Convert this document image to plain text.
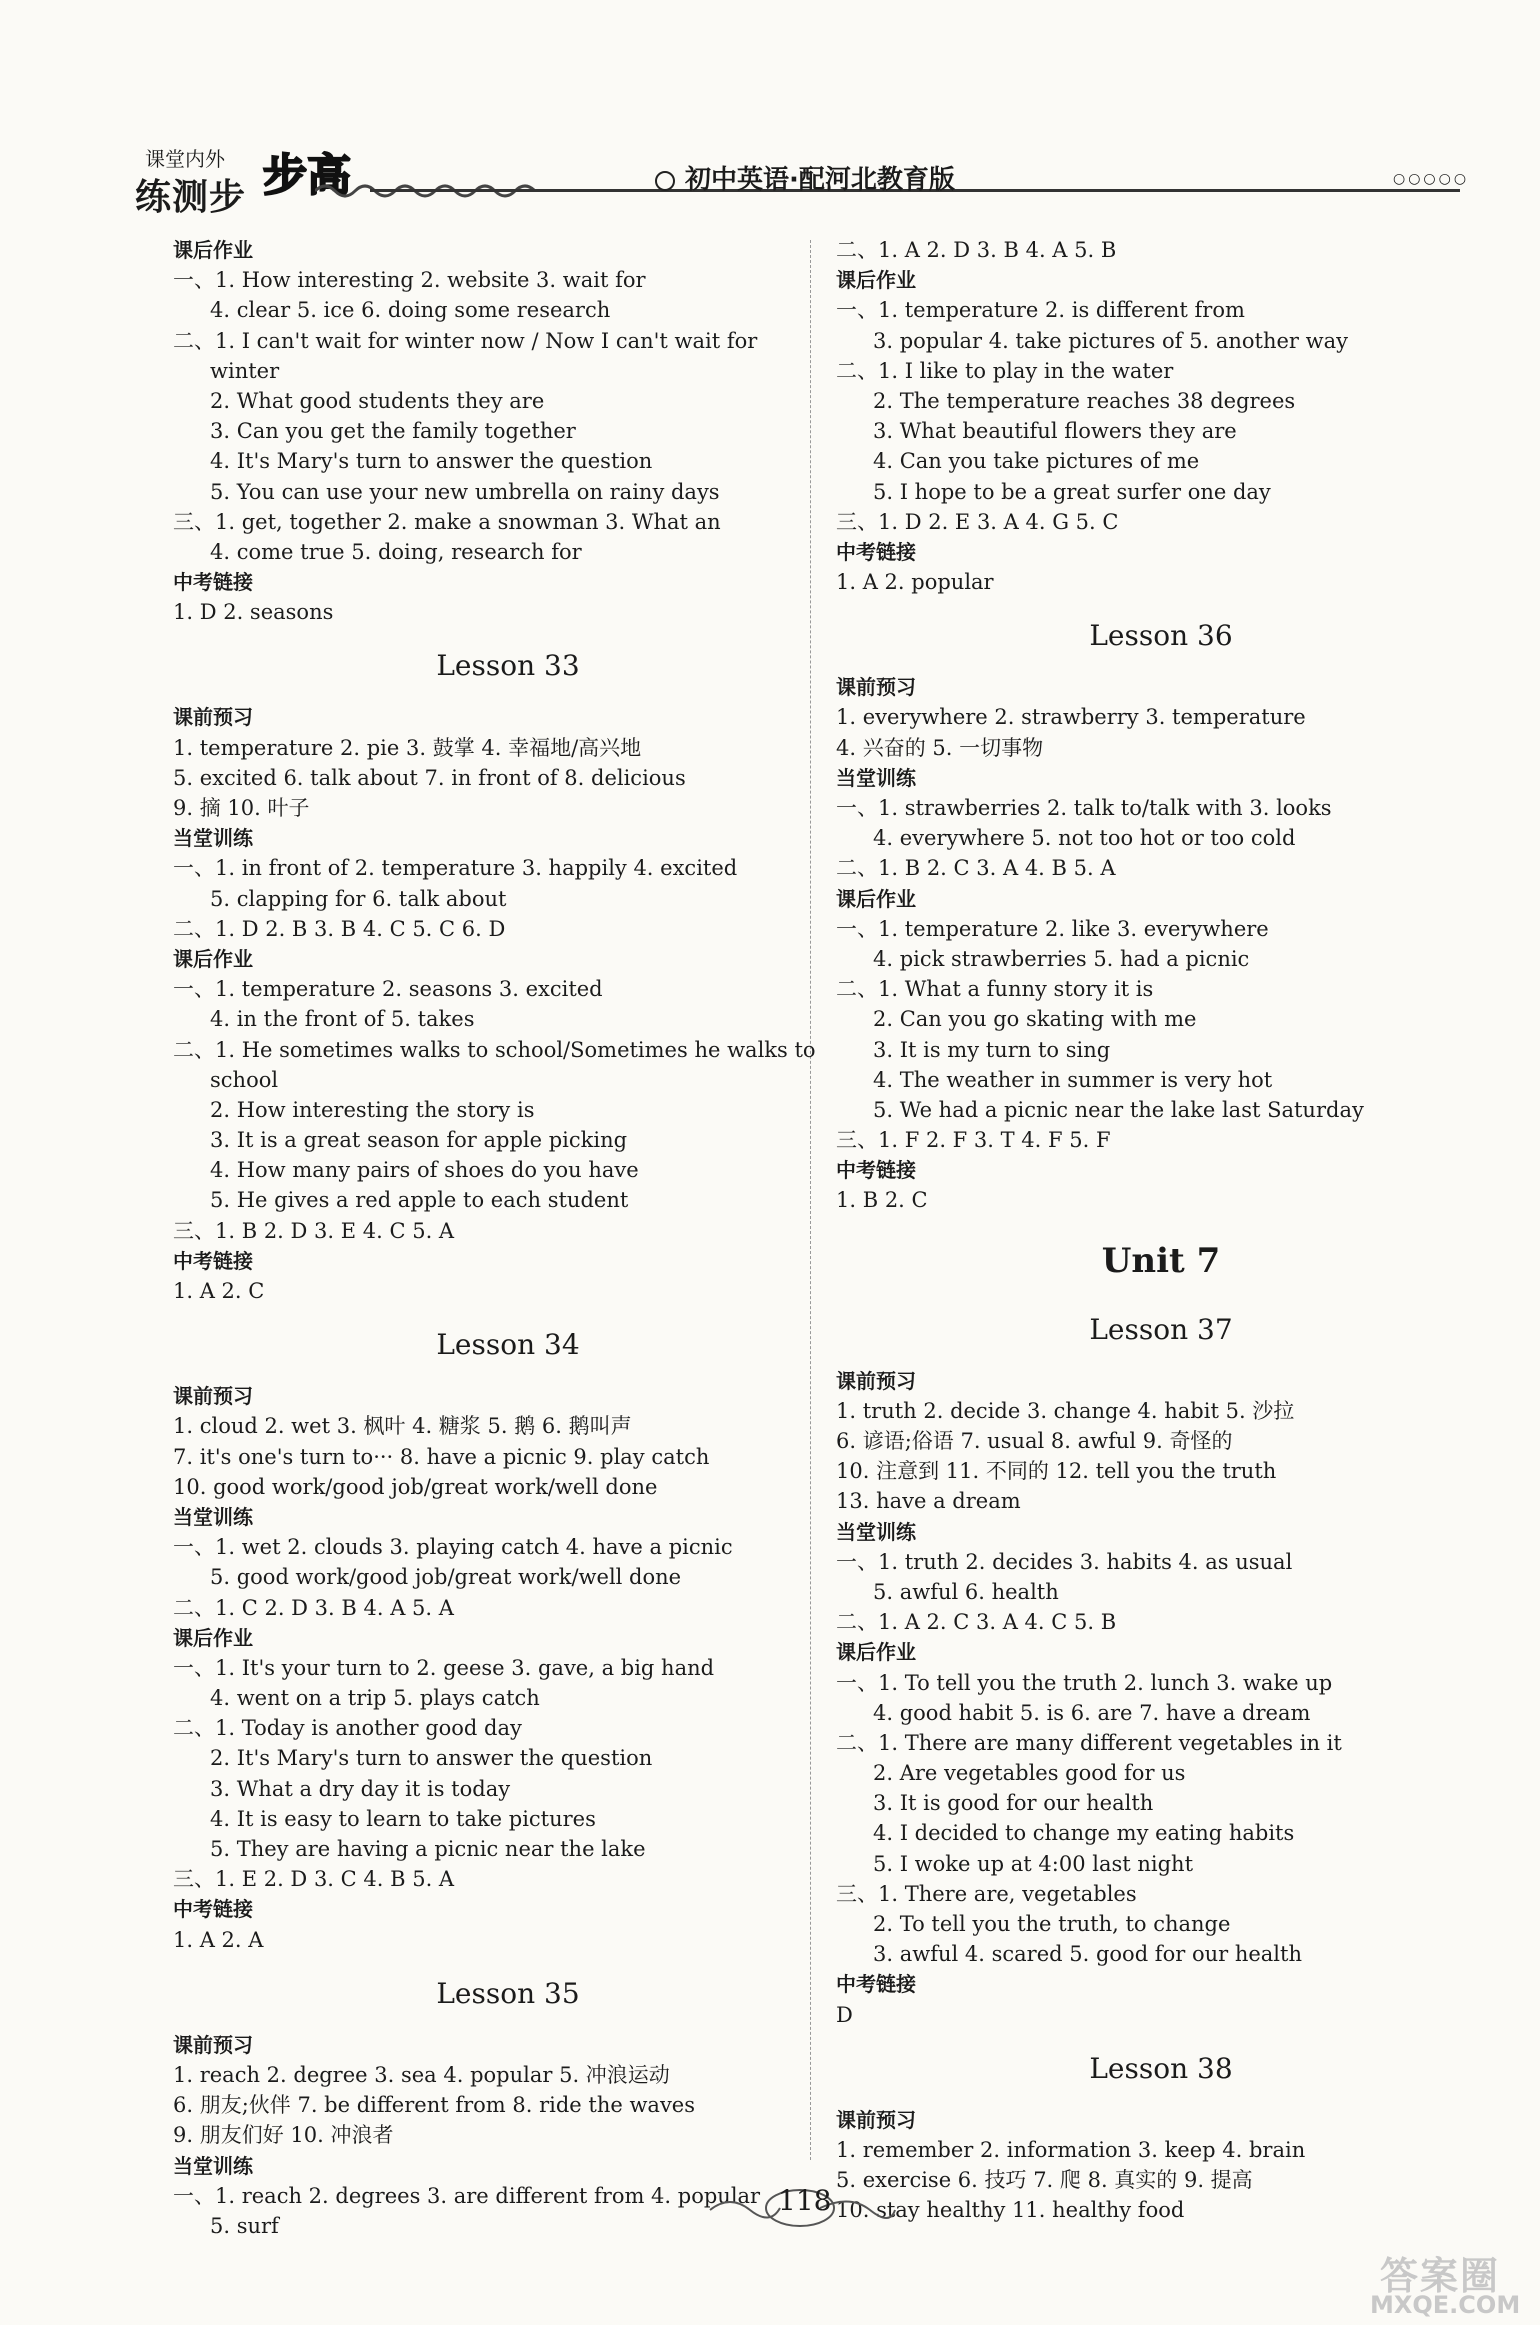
课堂内外
练测步 步高	初中英语·配河北教育版	○○○○○
课后作业
一、1. How interesting 2. website 3. wait for
4. clear 5. ice 6. doing some research
二、1. I can't wait for winter now / Now I can't wait for
winter
2. What good students they are
3. Can you get the family together
4. It's Mary's turn to answer the question
5. You can use your new umbrella on rainy days
三、1. get, together 2. make a snowman 3. What an
4. come true 5. doing, research for
中考链接
1. D 2. seasons
Lesson 33
课前预习
1. temperature 2. pie 3. 鼓掌 4. 幸福地/高兴地
5. excited 6. talk about 7. in front of 8. delicious
9. 摘 10. 叶子
当堂训练
一、1. in front of 2. temperature 3. happily 4. excited
5. clapping for 6. talk about
二、1. D 2. B 3. B 4. C 5. C 6. D
课后作业
一、1. temperature 2. seasons 3. excited
4. in the front of 5. takes
二、1. He sometimes walks to school/Sometimes he walks to
school
2. How interesting the story is
3. It is a great season for apple picking
4. How many pairs of shoes do you have
5. He gives a red apple to each student
三、1. B 2. D 3. E 4. C 5. A
中考链接
1. A 2. C
Lesson 34
课前预习
1. cloud 2. wet 3. 枫叶 4. 糖浆 5. 鹅 6. 鹅叫声
7. it's one's turn to··· 8. have a picnic 9. play catch
10. good work/good job/great work/well done
当堂训练
一、1. wet 2. clouds 3. playing catch 4. have a picnic
5. good work/good job/great work/well done
二、1. C 2. D 3. B 4. A 5. A
课后作业
一、1. It's your turn to 2. geese 3. gave, a big hand
4. went on a trip 5. plays catch
二、1. Today is another good day
2. It's Mary's turn to answer the question
3. What a dry day it is today
4. It is easy to learn to take pictures
5. They are having a picnic near the lake
三、1. E 2. D 3. C 4. B 5. A
中考链接
1. A 2. A
Lesson 35
课前预习
1. reach 2. degree 3. sea 4. popular 5. 冲浪运动
6. 朋友;伙伴 7. be different from 8. ride the waves
9. 朋友们好 10. 冲浪者
当堂训练
一、1. reach 2. degrees 3. are different from 4. popular
5. surf
二、1. A 2. D 3. B 4. A 5. B
课后作业
一、1. temperature 2. is different from
3. popular 4. take pictures of 5. another way
二、1. I like to play in the water
2. The temperature reaches 38 degrees
3. What beautiful flowers they are
4. Can you take pictures of me
5. I hope to be a great surfer one day
三、1. D 2. E 3. A 4. G 5. C
中考链接
1. A 2. popular
Lesson 36
课前预习
1. everywhere 2. strawberry 3. temperature
4. 兴奋的 5. 一切事物
当堂训练
一、1. strawberries 2. talk to/talk with 3. looks
4. everywhere 5. not too hot or too cold
二、1. B 2. C 3. A 4. B 5. A
课后作业
一、1. temperature 2. like 3. everywhere
4. pick strawberries 5. had a picnic
二、1. What a funny story it is
2. Can you go skating with me
3. It is my turn to sing
4. The weather in summer is very hot
5. We had a picnic near the lake last Saturday
三、1. F 2. F 3. T 4. F 5. F
中考链接
1. B 2. C
Unit 7
Lesson 37
课前预习
1. truth 2. decide 3. change 4. habit 5. 沙拉
6. 谚语;俗语 7. usual 8. awful 9. 奇怪的
10. 注意到 11. 不同的 12. tell you the truth
13. have a dream
当堂训练
一、1. truth 2. decides 3. habits 4. as usual
5. awful 6. health
二、1. A 2. C 3. A 4. C 5. B
课后作业
一、1. To tell you the truth 2. lunch 3. wake up
4. good habit 5. is 6. are 7. have a dream
二、1. There are many different vegetables in it
2. Are vegetables good for us
3. It is good for our health
4. I decided to change my eating habits
5. I woke up at 4:00 last night
三、1. There are, vegetables
2. To tell you the truth, to change
3. awful 4. scared 5. good for our health
中考链接
D
Lesson 38
课前预习
1. remember 2. information 3. keep 4. brain
5. exercise 6. 技巧 7. 爬 8. 真实的 9. 提高
10. stay healthy 11. healthy food
118
答案圈
MXQE.COM
